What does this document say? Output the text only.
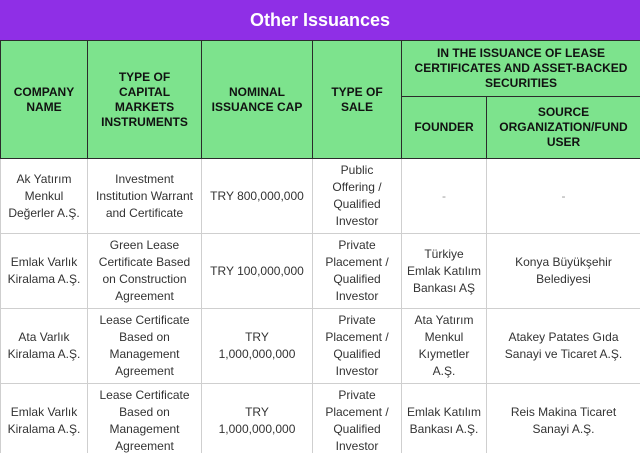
Other Issuances
COMPANY NAME	TYPE OF CAPITAL MARKETS INSTRUMENTS	NOMINAL ISSUANCE CAP	TYPE OF SALE	IN THE ISSUANCE OF LEASE CERTIFICATES AND ASSET-BACKED SECURITIES	
				FOUNDER	SOURCE ORGANIZATION/FUND USER
Ak Yatırım Menkul Değerler A.Ş.	Investment Institution Warrant and Certificate	TRY 800,000,000	Public Offering / Qualified Investor	-	-
Emlak Varlık Kiralama A.Ş.	Green Lease Certificate Based on Construction Agreement	TRY 100,000,000	Private Placement / Qualified Investor	Türkiye Emlak Katılım Bankası AŞ	Konya Büyükşehir Belediyesi
Ata Varlık Kiralama A.Ş.	Lease Certificate Based on Management Agreement	TRY 1,000,000,000	Private Placement / Qualified Investor	Ata Yatırım Menkul Kıymetler A.Ş.	Atakey Patates Gıda Sanayi ve Ticaret A.Ş.
Emlak Varlık Kiralama A.Ş.	Lease Certificate Based on Management Agreement	TRY 1,000,000,000	Private Placement / Qualified Investor	Emlak Katılım Bankası A.Ş.	Reis Makina Ticaret Sanayi A.Ş.
